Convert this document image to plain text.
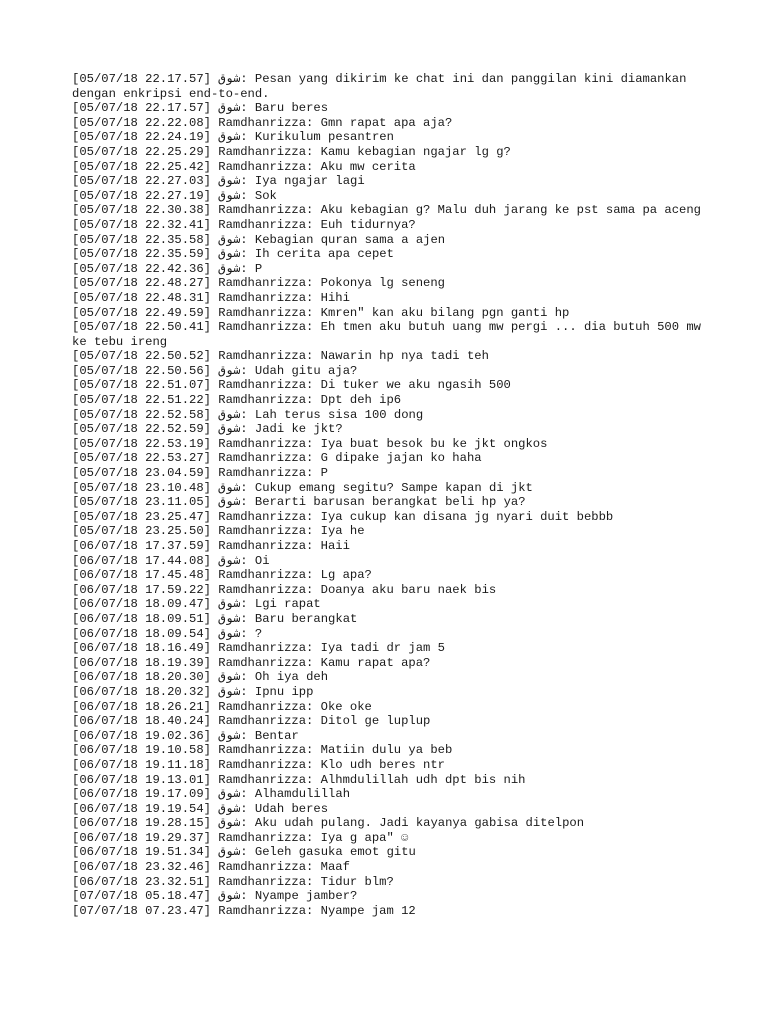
[05/07/18 22.17.57] شوق: Pesan yang dikirim ke chat ini dan panggilan kini diamankan dengan enkripsi end-to-end.
[05/07/18 22.17.57] شوق: Baru beres
[05/07/18 22.22.08] Ramdhanrizza: Gmn rapat apa aja?
[05/07/18 22.24.19] شوق: Kurikulum pesantren
[05/07/18 22.25.29] Ramdhanrizza: Kamu kebagian ngajar lg g?
[05/07/18 22.25.42] Ramdhanrizza: Aku mw cerita
[05/07/18 22.27.03] شوق: Iya ngajar lagi
[05/07/18 22.27.19] شوق: Sok
[05/07/18 22.30.38] Ramdhanrizza: Aku kebagian g? Malu duh jarang ke pst sama pa aceng
[05/07/18 22.32.41] Ramdhanrizza: Euh tidurnya?
[05/07/18 22.35.58] شوق: Kebagian quran sama a ajen
[05/07/18 22.35.59] شوق: Ih cerita apa cepet
[05/07/18 22.42.36] شوق: P
[05/07/18 22.48.27] Ramdhanrizza: Pokonya lg seneng
[05/07/18 22.48.31] Ramdhanrizza: Hihi
[05/07/18 22.49.59] Ramdhanrizza: Kmren" kan aku bilang pgn ganti hp
[05/07/18 22.50.41] Ramdhanrizza: Eh tmen aku butuh uang mw pergi ... dia butuh 500 mw ke tebu ireng
[05/07/18 22.50.52] Ramdhanrizza: Nawarin hp nya tadi teh
[05/07/18 22.50.56] شوق: Udah gitu aja?
[05/07/18 22.51.07] Ramdhanrizza: Di tuker we aku ngasih 500
[05/07/18 22.51.22] Ramdhanrizza: Dpt deh ip6
[05/07/18 22.52.58] شوق: Lah terus sisa 100 dong
[05/07/18 22.52.59] شوق: Jadi ke jkt?
[05/07/18 22.53.19] Ramdhanrizza: Iya buat besok bu ke jkt ongkos
[05/07/18 22.53.27] Ramdhanrizza: G dipake jajan ko haha
[05/07/18 23.04.59] Ramdhanrizza: P
[05/07/18 23.10.48] شوق: Cukup emang segitu? Sampe kapan di jkt
[05/07/18 23.11.05] شوق: Berarti barusan berangkat beli hp ya?
[05/07/18 23.25.47] Ramdhanrizza: Iya cukup kan disana jg nyari duit bebbb
[05/07/18 23.25.50] Ramdhanrizza: Iya he
[06/07/18 17.37.59] Ramdhanrizza: Haii
[06/07/18 17.44.08] شوق: Oi
[06/07/18 17.45.48] Ramdhanrizza: Lg apa?
[06/07/18 17.59.22] Ramdhanrizza: Doanya aku baru naek bis
[06/07/18 18.09.47] شوق: Lgi rapat
[06/07/18 18.09.51] شوق: Baru berangkat
[06/07/18 18.09.54] شوق: ?
[06/07/18 18.16.49] Ramdhanrizza: Iya tadi dr jam 5
[06/07/18 18.19.39] Ramdhanrizza: Kamu rapat apa?
[06/07/18 18.20.30] شوق: Oh iya deh
[06/07/18 18.20.32] شوق: Ipnu ipp
[06/07/18 18.26.21] Ramdhanrizza: Oke oke
[06/07/18 18.40.24] Ramdhanrizza: Ditol ge luplup
[06/07/18 19.02.36] شوق: Bentar
[06/07/18 19.10.58] Ramdhanrizza: Matiin dulu ya beb
[06/07/18 19.11.18] Ramdhanrizza: Klo udh beres ntr
[06/07/18 19.13.01] Ramdhanrizza: Alhmdulillah udh dpt bis nih
[06/07/18 19.17.09] شوق: Alhamdulillah
[06/07/18 19.19.54] شوق: Udah beres
[06/07/18 19.28.15] شوق: Aku udah pulang. Jadi kayanya gabisa ditelpon
[06/07/18 19.29.37] Ramdhanrizza: Iya g apa" ☺
[06/07/18 19.51.34] شوق: Geleh gasuka emot gitu
[06/07/18 23.32.46] Ramdhanrizza: Maaf
[06/07/18 23.32.51] Ramdhanrizza: Tidur blm?
[07/07/18 05.18.47] شوق: Nyampe jamber?
[07/07/18 07.23.47] Ramdhanrizza: Nyampe jam 12
